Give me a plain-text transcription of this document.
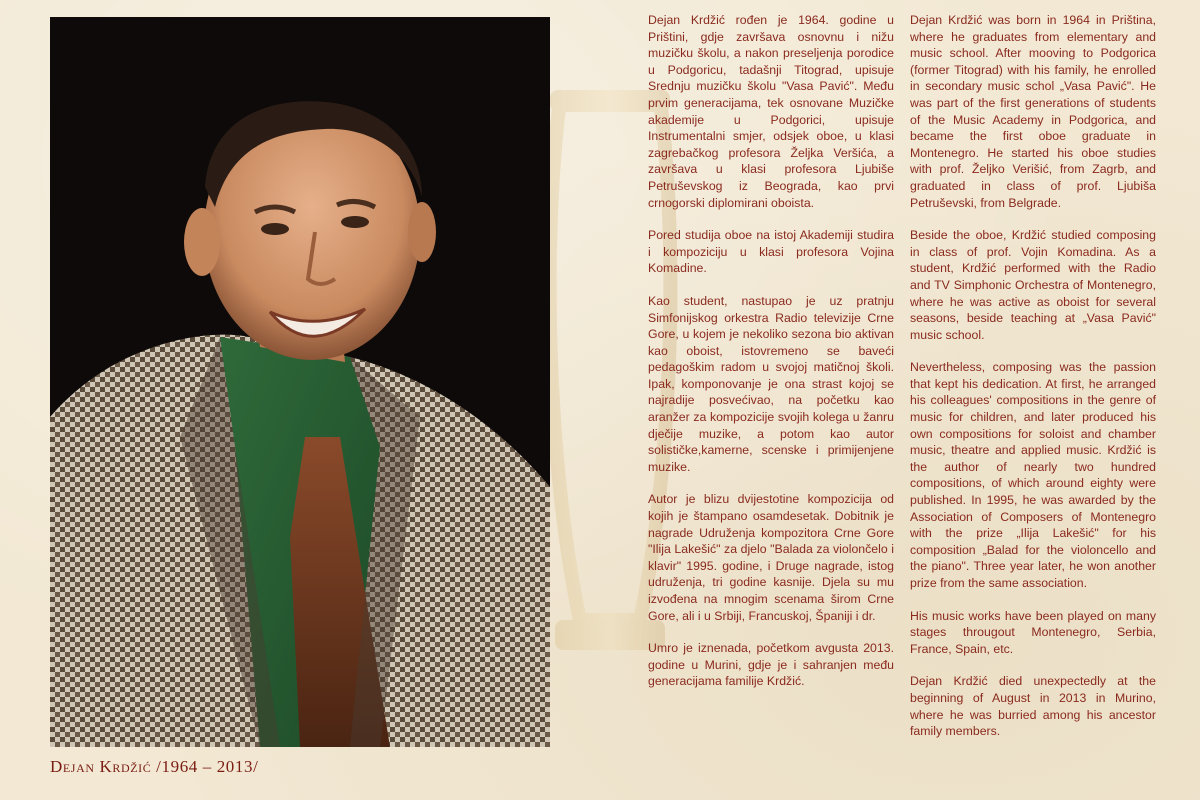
Dejan Krdžić /1964 – 2013/

Dejan Krdžić rođen je 1964. godine u Prištini, gdje završava osnovnu i nižu muzičku školu, a nakon preseljenja porodice u Podgoricu, tadašnji Titograd, upisuje Srednju muzičku školu "Vasa Pavić". Među prvim generacijama, tek osnovane Muzičke akademije u Podgorici, upisuje Instrumentalni smjer, odsjek oboe, u klasi zagrebačkog profesora Željka Veršića, a završava u klasi profesora Ljubiše Petruševskog iz Beograda, kao prvi crnogorski diplomirani oboista.

Pored studija oboe na istoj Akademiji studira i kompoziciju u klasi profesora Vojina Komadine.

Kao student, nastupao je uz pratnju Simfonijskog orkestra Radio televizije Crne Gore, u kojem je nekoliko sezona bio aktivan kao oboist, istovremeno se baveći pedagoškim radom u svojoj matičnoj školi. Ipak, komponovanje je ona strast kojoj se najradije posvećivao, na početku kao aranžer za kompozicije svojih kolega u žanru dječije muzike, a potom kao autor solističke,kamerne, scenske i primijenjene muzike.

Autor je blizu dvijestotine kompozicija od kojih je štampano osamdesetak. Dobitnik je nagrade Udruženja kompozitora Crne Gore "Ilija Lakešić" za djelo "Balada za violončelo i klavir" 1995. godine, i Druge nagrade, istog udruženja, tri godine kasnije. Djela su mu izvođena na mnogim scenama širom Crne Gore, ali i u Srbiji, Francuskoj, Španiji i dr.

Umro je iznenada, početkom avgusta 2013. godine u Murini, gdje je i sahranjen među generacijama familije Krdžić.

Dejan Krdžić was born in 1964 in Priština, where he graduates from elementary and music school. After mooving to Podgorica (former Titograd) with his family, he enrolled in secondary music schol „Vasa Pavić". He was part of the first generations of students of the Music Academy in Podgorica, and became the first oboe graduate in Montenegro. He started his oboe studies with prof. Željko Verišić, from Zagrb, and graduated in class of prof. Ljubiša Petruševski, from Belgrade.

Beside the oboe, Krdžić studied composing in class of prof. Vojin Komadina. As a student, Krdžić performed with the Radio and TV Simphonic Orchestra of Montenegro, where he was active as oboist for several seasons, beside teaching at „Vasa Pavić" music school.

Nevertheless, composing was the passion that kept his dedication. At first, he arranged his colleagues' compositions in the genre of music for children, and later produced his own compositions for soloist and chamber music, theatre and applied music. Krdžić is the author of nearly two hundred compositions, of which around eighty were published. In 1995, he was awarded by the Association of Composers of Montenegro with the prize „Ilija Lakešić" for his composition „Balad for the violoncello and the piano". Three year later, he won another prize from the same association.

His music works have been played on many stages througout Montenegro, Serbia, France, Spain, etc.

Dejan Krdžić died unexpectedly at the beginning of August in 2013 in Murino, where he was burried among his ancestor family members.
